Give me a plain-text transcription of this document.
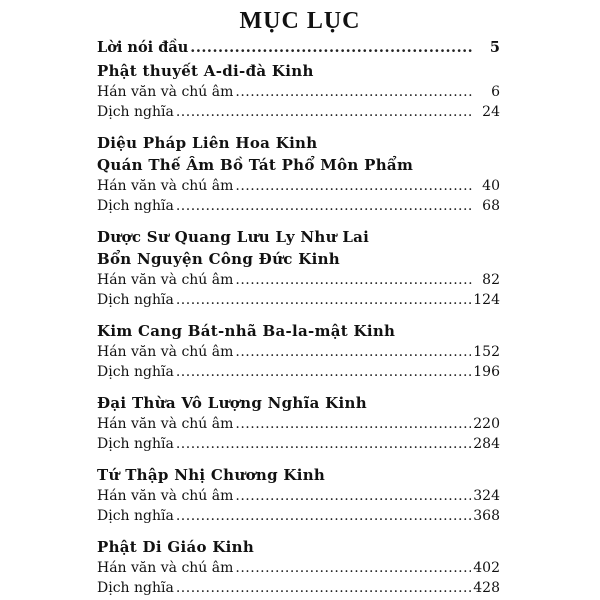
MỤC LỤC
Lời nói đầu .....	5
Phật thuyết A-di-đà Kinh
Hán văn và chú âm .....	6
Dịch nghĩa .....	24
Diệu Pháp Liên Hoa Kinh
Quán Thế Âm Bồ Tát Phổ Môn Phẩm
Hán văn và chú âm .....	40
Dịch nghĩa .....	68
Dược Sư Quang Lưu Ly Như Lai
Bổn Nguyện Công Đức Kinh
Hán văn và chú âm .....	82
Dịch nghĩa .....	124
Kim Cang Bát-nhã Ba-la-mật Kinh
Hán văn và chú âm .....	152
Dịch nghĩa .....	196
Đại Thừa Vô Lượng Nghĩa Kinh
Hán văn và chú âm .....	220
Dịch nghĩa .....	284
Tứ Thập Nhị Chương Kinh
Hán văn và chú âm .....	324
Dịch nghĩa .....	368
Phật Di Giáo Kinh
Hán văn và chú âm .....	402
Dịch nghĩa .....	428
